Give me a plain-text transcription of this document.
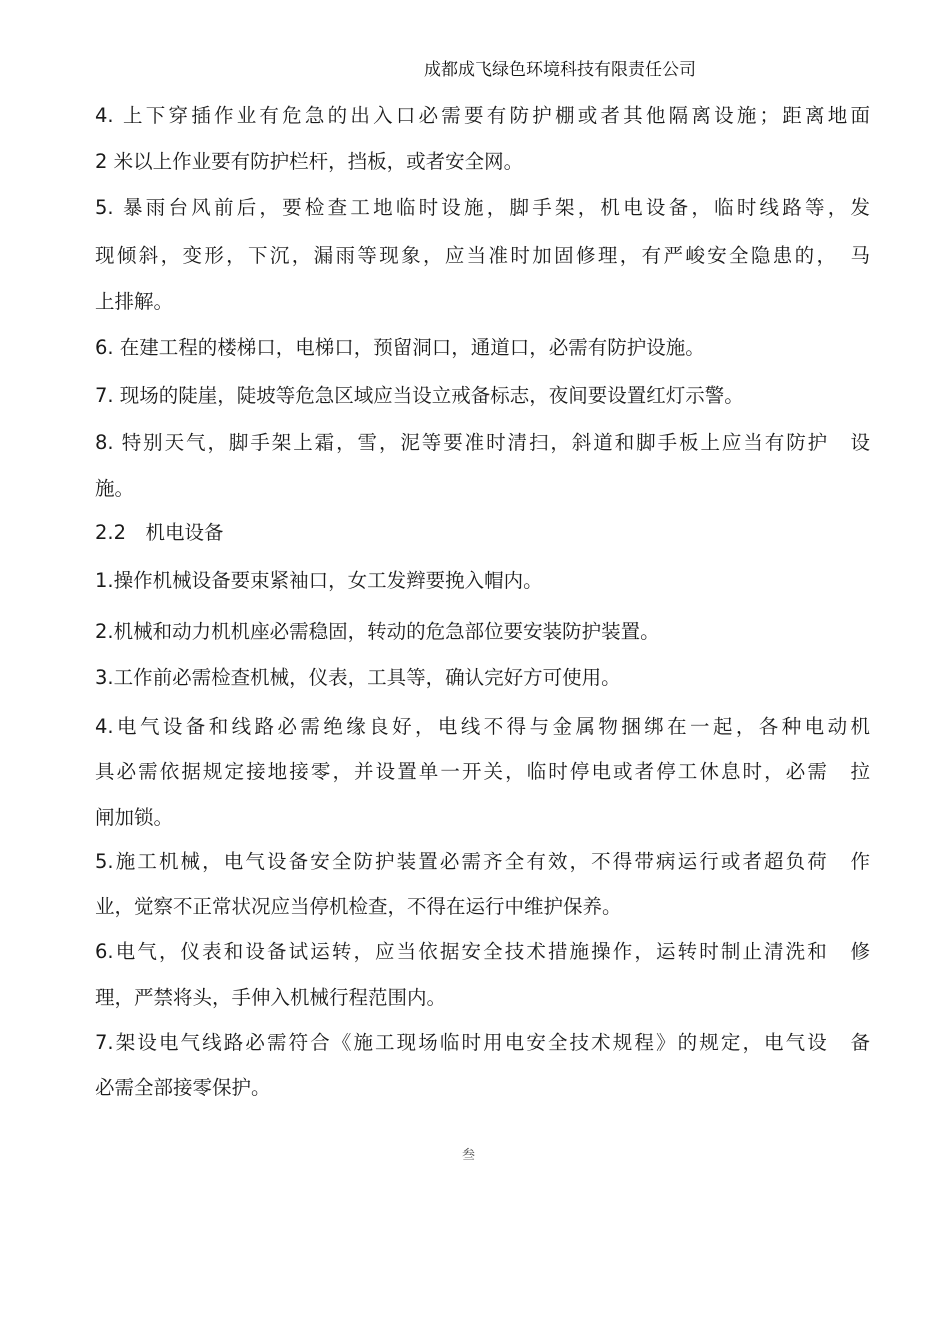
成都成飞绿色环境科技有限责任公司
4. 上下穿插作业有危急的出入口必需要有防护棚或者其他隔离设施；距离地面
2 米以上作业要有防护栏杆，挡板，或者安全网。
5. 暴雨台风前后，要检查工地临时设施，脚手架，机电设备，临时线路等，发
现倾斜，变形，下沉，漏雨等现象，应当准时加固修理，有严峻安全隐患的，　马
上排解。
6. 在建工程的楼梯口，电梯口，预留洞口，通道口，必需有防护设施。
7. 现场的陡崖，陡坡等危急区域应当设立戒备标志，夜间要设置红灯示警。
8. 特别天气，脚手架上霜，雪，泥等要准时清扫，斜道和脚手板上应当有防护　设
施。
2.2　机电设备
1.操作机械设备要束紧袖口，女工发辫要挽入帽内。
2.机械和动力机机座必需稳固，转动的危急部位要安装防护装置。
3.工作前必需检查机械，仪表，工具等，确认完好方可使用。
4.电气设备和线路必需绝缘良好，电线不得与金属物捆绑在一起，各种电动机
具必需依据规定接地接零，并设置单一开关，临时停电或者停工休息时，必需　拉
闸加锁。
5.施工机械，电气设备安全防护装置必需齐全有效，不得带病运行或者超负荷　作
业，觉察不正常状况应当停机检查，不得在运行中维护保养。
6.电气，仪表和设备试运转，应当依据安全技术措施操作，运转时制止清洗和　修
理，严禁将头，手伸入机械行程范围内。
7.架设电气线路必需符合《施工现场临时用电安全技术规程》的规定，电气设　备
必需全部接零保护。
叁
